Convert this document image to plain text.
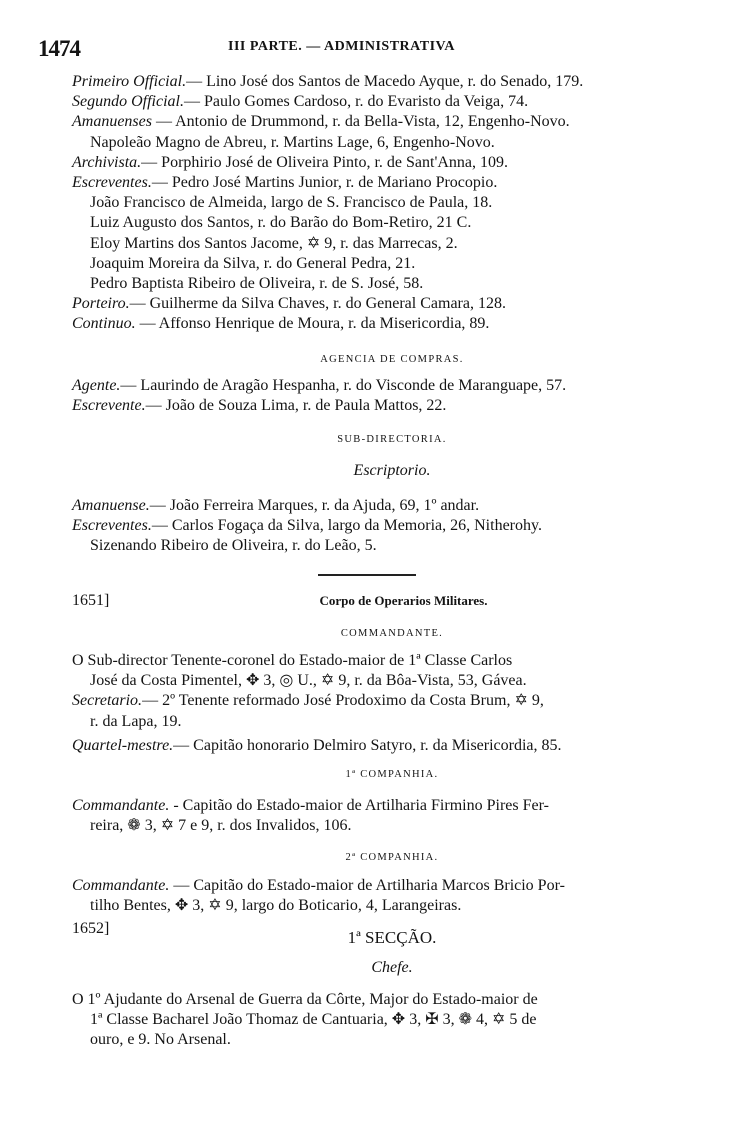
1474	III PARTE. — ADMINISTRATIVA
Primeiro Official.— Lino José dos Santos de Macedo Ayque, r. do Senado, 179.
Segundo Official.— Paulo Gomes Cardoso, r. do Evaristo da Veiga, 74.
Amanuenses — Antonio de Drummond, r. da Bella-Vista, 12, Engenho-Novo.
Napoleão Magno de Abreu, r. Martins Lage, 6, Engenho-Novo.
Archivista.— Porphirio José de Oliveira Pinto, r. de Sant'Anna, 109.
Escreventes.— Pedro José Martins Junior, r. de Mariano Procopio.
João Francisco de Almeida, largo de S. Francisco de Paula, 18.
Luiz Augusto dos Santos, r. do Barão do Bom-Retiro, 21 C.
Eloy Martins dos Santos Jacome, ✡ 9, r. das Marrecas, 2.
Joaquim Moreira da Silva, r. do General Pedra, 21.
Pedro Baptista Ribeiro de Oliveira, r. de S. José, 58.
Porteiro.— Guilherme da Silva Chaves, r. do General Camara, 128.
Continuo. — Affonso Henrique de Moura, r. da Misericordia, 89.
AGENCIA DE COMPRAS.
Agente.— Laurindo de Aragão Hespanha, r. do Visconde de Maranguape, 57.
Escrevente.— João de Souza Lima, r. de Paula Mattos, 22.
SUB-DIRECTORIA.
Escriptorio.
Amanuense.— João Ferreira Marques, r. da Ajuda, 69, 1º andar.
Escreventes.— Carlos Fogaça da Silva, largo da Memoria, 26, Nitherohy.
Sizenando Ribeiro de Oliveira, r. do Leão, 5.
1651]	Corpo de Operarios Militares.
COMMANDANTE.
O Sub-director Tenente-coronel do Estado-maior de 1ª Classe Carlos
José da Costa Pimentel, ✥ 3, ◎ U., ✡ 9, r. da Bôa-Vista, 53, Gávea.
Secretario.— 2º Tenente reformado José Prodoximo da Costa Brum, ✡ 9,
r. da Lapa, 19.
Quartel-mestre.— Capitão honorario Delmiro Satyro, r. da Misericordia, 85.
1ª COMPANHIA.
Commandante. - Capitão do Estado-maior de Artilharia Firmino Pires Fer-
reira, ❁ 3, ✡ 7 e 9, r. dos Invalidos, 106.
2ª COMPANHIA.
Commandante. — Capitão do Estado-maior de Artilharia Marcos Bricio Por-
tilho Bentes, ✥ 3, ✡ 9, largo do Boticario, 4, Larangeiras.
1652]	1ª SECÇÃO.
Chefe.
O 1º Ajudante do Arsenal de Guerra da Côrte, Major do Estado-maior de
1ª Classe Bacharel João Thomaz de Cantuaria, ✥ 3, ✠ 3, ❁ 4, ✡ 5 de
ouro, e 9. No Arsenal.
